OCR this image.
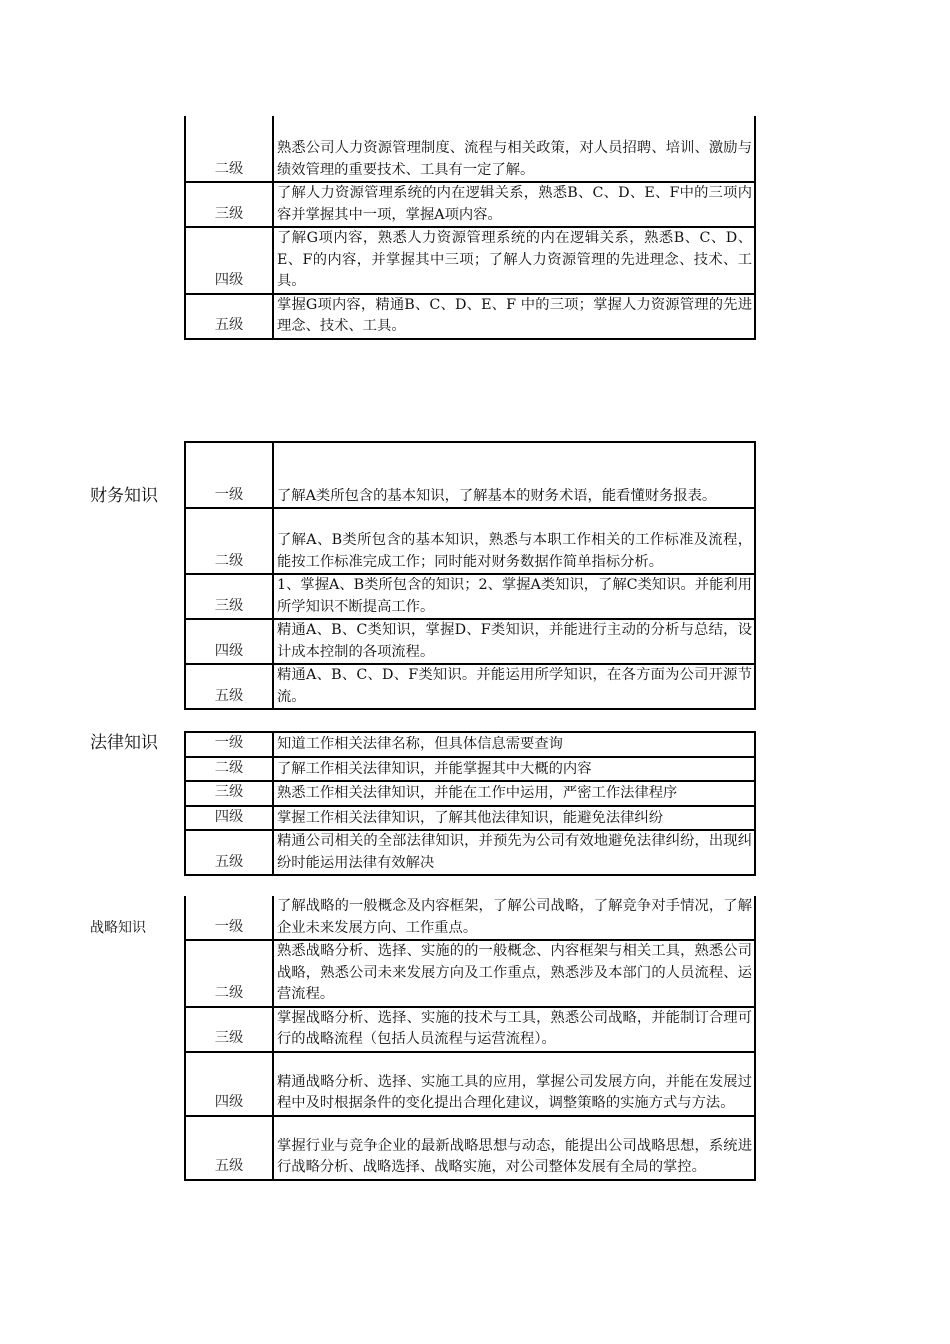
二级	熟悉公司人力资源管理制度、流程与相关政策，对人员招聘、培训、激励与绩效管理的重要技术、工具有一定了解。
三级	了解人力资源管理系统的内在逻辑关系，熟悉B、C、D、E、F中的三项内容并掌握其中一项，掌握A项内容。
四级	了解G项内容，熟悉人力资源管理系统的内在逻辑关系，熟悉B、C、D、E、F的内容，并掌握其中三项；了解人力资源管理的先进理念、技术、工具。
五级	掌握G项内容，精通B、C、D、E、F 中的三项；掌握人力资源管理的先进理念、技术、工具。
财务知识	一级	了解A类所包含的基本知识，了解基本的财务术语，能看懂财务报表。
二级	了解A、B类所包含的基本知识，熟悉与本职工作相关的工作标准及流程，能按工作标准完成工作；同时能对财务数据作简单指标分析。
三级	1、掌握A、B类所包含的知识；2、掌握A类知识，了解C类知识。并能利用所学知识不断提高工作。
四级	精通A、B、C类知识，掌握D、F类知识，并能进行主动的分析与总结，设计成本控制的各项流程。
五级	精通A、B、C、D、F类知识。并能运用所学知识，在各方面为公司开源节流。
法律知识	一级	知道工作相关法律名称，但具体信息需要查询
二级	了解工作相关法律知识，并能掌握其中大概的内容
三级	熟悉工作相关法律知识，并能在工作中运用，严密工作法律程序
四级	掌握工作相关法律知识，了解其他法律知识，能避免法律纠纷
五级	精通公司相关的全部法律知识，并预先为公司有效地避免法律纠纷，出现纠纷时能运用法律有效解决
战略知识	一级	了解战略的一般概念及内容框架，了解公司战略，了解竞争对手情况，了解企业未来发展方向、工作重点。
二级	熟悉战略分析、选择、实施的的一般概念、内容框架与相关工具，熟悉公司战略，熟悉公司未来发展方向及工作重点，熟悉涉及本部门的人员流程、运营流程。
三级	掌握战略分析、选择、实施的技术与工具，熟悉公司战略，并能制订合理可行的战略流程（包括人员流程与运营流程）。
四级	精通战略分析、选择、实施工具的应用，掌握公司发展方向，并能在发展过程中及时根据条件的变化提出合理化建议，调整策略的实施方式与方法。
五级	掌握行业与竞争企业的最新战略思想与动态，能提出公司战略思想，系统进行战略分析、战略选择、战略实施，对公司整体发展有全局的掌控。
